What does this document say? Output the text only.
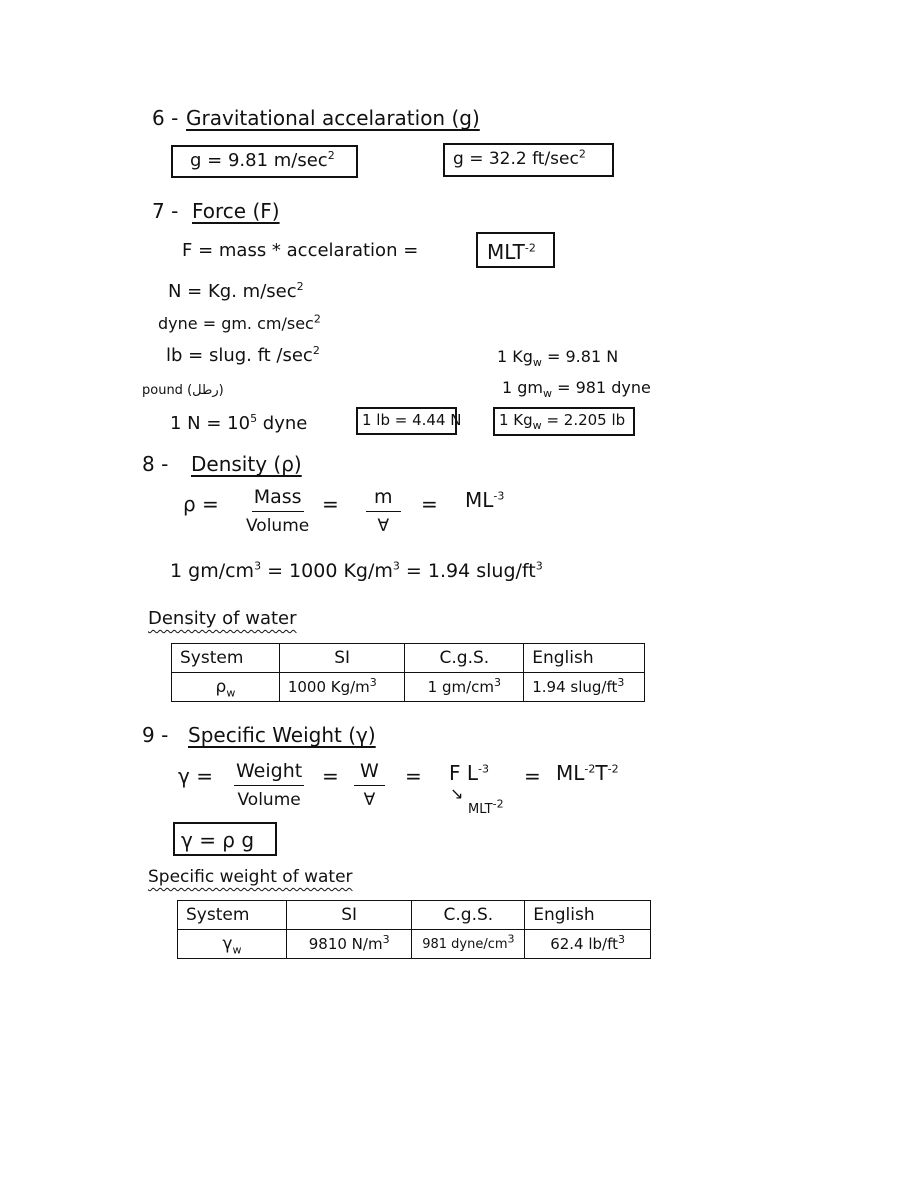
6 - Gravitational accelaration (g)
g = 9.81 $m/\sec^2$	g = 32.2 $ft/\sec^2$
7 - Force (F)
F = mass * accelaration =	$MLT^{-2}$
N = Kg. $m/\sec^2$
dyne = gm. $cm/\sec^2$
lb = slug. ft $/\sec^2$
pound (رطل)
1 $Kg_w = 9.81$ N
1 $gm_w = 981$ dyne
1 $N = 10^5$ dyne	1 lb = 4.44 N	1 $Kg_w = 2.205$ lb
8 - Density (ρ)
ρ = Mass
Volume
=	m
∀
= $ML^{-3}$
1 $gm/cm^3 = 1000$ $Kg/m^3 = 1.94$ slug/$ft^3$
Density of water
System	SI	C.g.S.	English
$\rho_w$	1000 $Kg/m^3$	1 $gm/cm^3$	1.94 slug/$ft^3$
9 - Specific Weight (γ)
γ = Weight
Volume
=	W
∀
= F $L^{-3} = ML^{-2}T^{-2}$
↘
$MLT^{-2}$
γ = ρ g
Specific weight of water
System	SI	C.g.S.	English
$\gamma_w$	9810 $N/m^3$	981 dyne/$cm^3$	62.4 $lb/ft^3$
